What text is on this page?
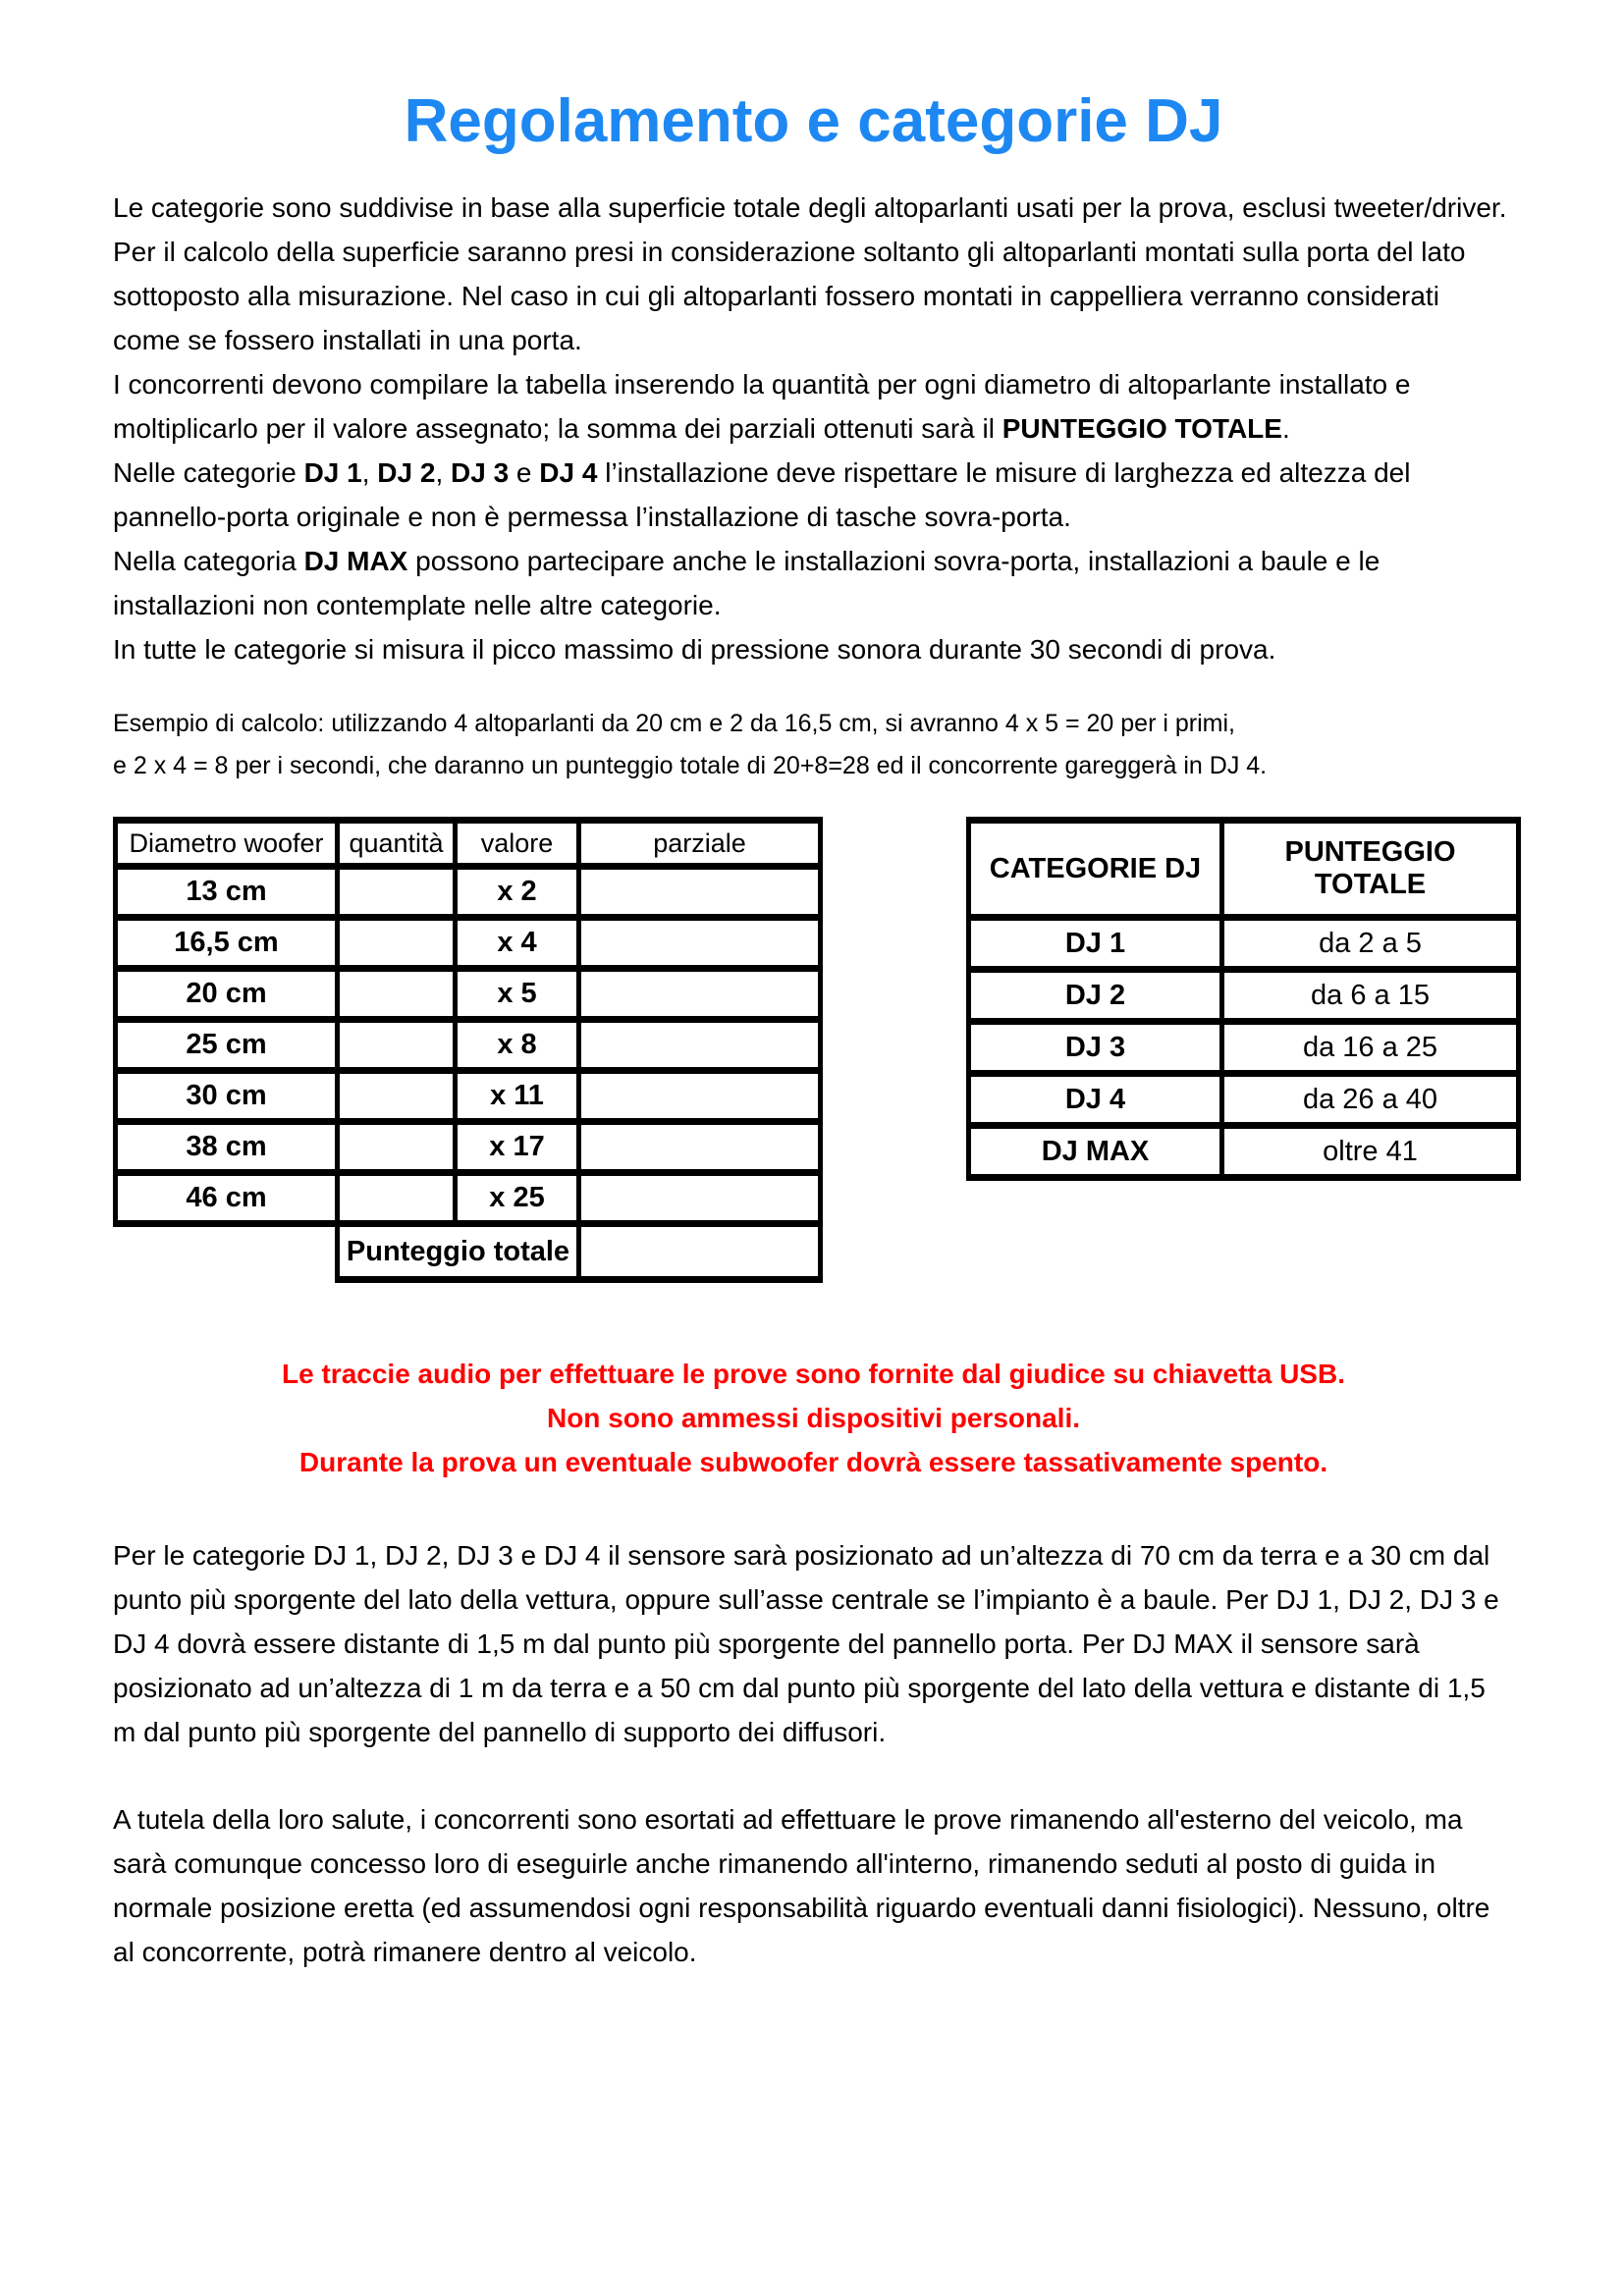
Regolamento e categorie DJ

Le categorie sono suddivise in base alla superficie totale degli altoparlanti usati per la prova, esclusi tweeter/driver. Per il calcolo della superficie saranno presi in considerazione soltanto gli altoparlanti montati sulla porta del lato sottoposto alla misurazione. Nel caso in cui gli altoparlanti fossero montati in cappelliera verranno considerati come se fossero installati in una porta.

I concorrenti devono compilare la tabella inserendo la quantità per ogni diametro di altoparlante installato e moltiplicarlo per il valore assegnato; la somma dei parziali ottenuti sarà il PUNTEGGIO TOTALE.

Nelle categorie DJ 1, DJ 2, DJ 3 e DJ 4 l’installazione deve rispettare le misure di larghezza ed altezza del pannello-porta originale e non è permessa l’installazione di tasche sovra-porta.

Nella categoria DJ MAX possono partecipare anche le installazioni sovra-porta, installazioni a baule e le installazioni non contemplate nelle altre categorie.

In tutte le categorie si misura il picco massimo di pressione sonora durante 30 secondi di prova.

Esempio di calcolo: utilizzando 4 altoparlanti da 20 cm e 2 da 16,5 cm, si avranno 4 x 5 = 20 per i primi,
e 2 x 4 = 8 per i secondi, che daranno un punteggio totale di 20+8=28 ed il concorrente gareggerà in DJ 4.
Diametro woofer	quantità	valore	parziale
13 cm		x 2	
16,5 cm		x 4	
20 cm		x 5	
25 cm		x 8	
30 cm		x 11	
38 cm		x 17	
46 cm		x 25	
	Punteggio totale		
CATEGORIE DJ	PUNTEGGIO TOTALE
DJ 1	da 2 a 5
DJ 2	da 6 a 15
DJ 3	da 16 a 25
DJ 4	da 26 a 40
DJ MAX	oltre 41
Le traccie audio per effettuare le prove sono fornite dal giudice su chiavetta USB.
Non sono ammessi dispositivi personali.
Durante la prova un eventuale subwoofer dovrà essere tassativamente spento.

Per le categorie DJ 1, DJ 2, DJ 3 e DJ 4 il sensore sarà posizionato ad un’altezza di 70 cm da terra e a 30 cm dal punto più sporgente del lato della vettura, oppure sull’asse centrale se l’impianto è a baule. Per DJ 1, DJ 2, DJ 3 e DJ 4 dovrà essere distante di 1,5 m dal punto più sporgente del pannello porta. Per DJ MAX il sensore sarà posizionato ad un’altezza di 1 m da terra e a 50 cm dal punto più sporgente del lato della vettura e distante di 1,5 m dal punto più sporgente del pannello di supporto dei diffusori.

A tutela della loro salute, i concorrenti sono esortati ad effettuare le prove rimanendo all'esterno del veicolo, ma sarà comunque concesso loro di eseguirle anche rimanendo all'interno, rimanendo seduti al posto di guida in normale posizione eretta (ed assumendosi ogni responsabilità riguardo eventuali danni fisiologici). Nessuno, oltre al concorrente, potrà rimanere dentro al veicolo.
